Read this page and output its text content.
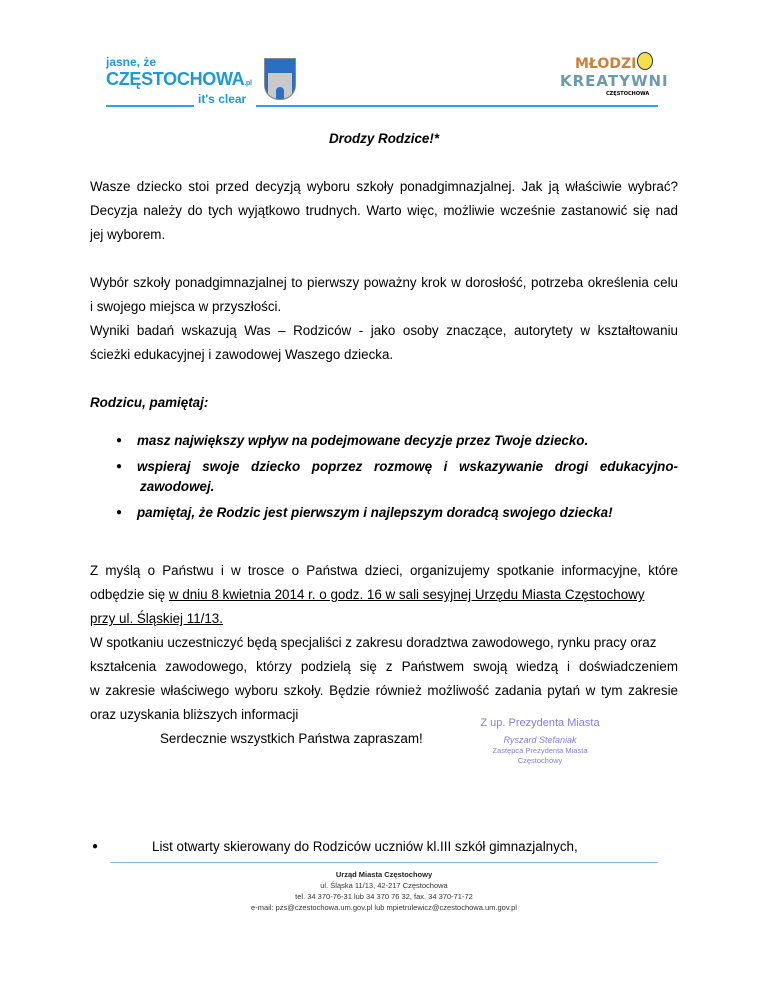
jasne, że
CZĘSTOCHOWA.pl
it's clear
MŁODZI
KREATYWNI
CZĘSTOCHOWA
Drodzy Rodzice!*
Wasze dziecko stoi przed decyzją wyboru szkoły ponadgimnazjalnej. Jak ją właściwie wybrać?
Decyzja należy do tych wyjątkowo trudnych. Warto więc, możliwie wcześnie zastanowić się nad
jej wyborem.
Wybór szkoły ponadgimnazjalnej to pierwszy poważny krok w dorosłość, potrzeba określenia celu
i swojego miejsca w przyszłości.
Wyniki badań wskazują Was – Rodziców - jako osoby znaczące, autorytety w kształtowaniu
ścieżki edukacyjnej i zawodowej Waszego dziecka.
Rodzicu, pamiętaj:
● masz największy wpływ na podejmowane decyzje przez Twoje dziecko.
● wspieraj swoje dziecko poprzez rozmowę i wskazywanie drogi edukacyjno-
zawodowej.
● pamiętaj, że Rodzic jest pierwszym i najlepszym doradcą swojego dziecka!
Z myślą o Państwu i w trosce o Państwa dzieci, organizujemy spotkanie informacyjne, które
odbędzie się w dniu 8 kwietnia 2014 r. o godz. 16 w sali sesyjnej Urzędu Miasta Częstochowy
przy ul. Śląskiej 11/13.
W spotkaniu uczestniczyć będą specjaliści z zakresu doradztwa zawodowego, rynku pracy oraz
kształcenia zawodowego, którzy podzielą się z Państwem swoją wiedzą i doświadczeniem
w zakresie właściwego wyboru szkoły. Będzie również możliwość zadania pytań w tym zakresie
oraz uzyskania bliższych informacji
Serdecznie wszystkich Państwa zapraszam!
Z up. Prezydenta Miasta
Ryszard Stefaniak
Zastępca Prezydenta Miasta
Częstochowy
●	List otwarty skierowany do Rodziców uczniów kl.III szkół gimnazjalnych,
Urząd Miasta Częstochowy
ul. Śląska 11/13, 42-217 Częstochowa
tel. 34 370-76-31 lub 34 370 76 32, fax. 34 370-71-72
e-mail: pzs@czestochowa.um.gov.pl lub mpietrulewicz@czestochowa.um.gov.pl
